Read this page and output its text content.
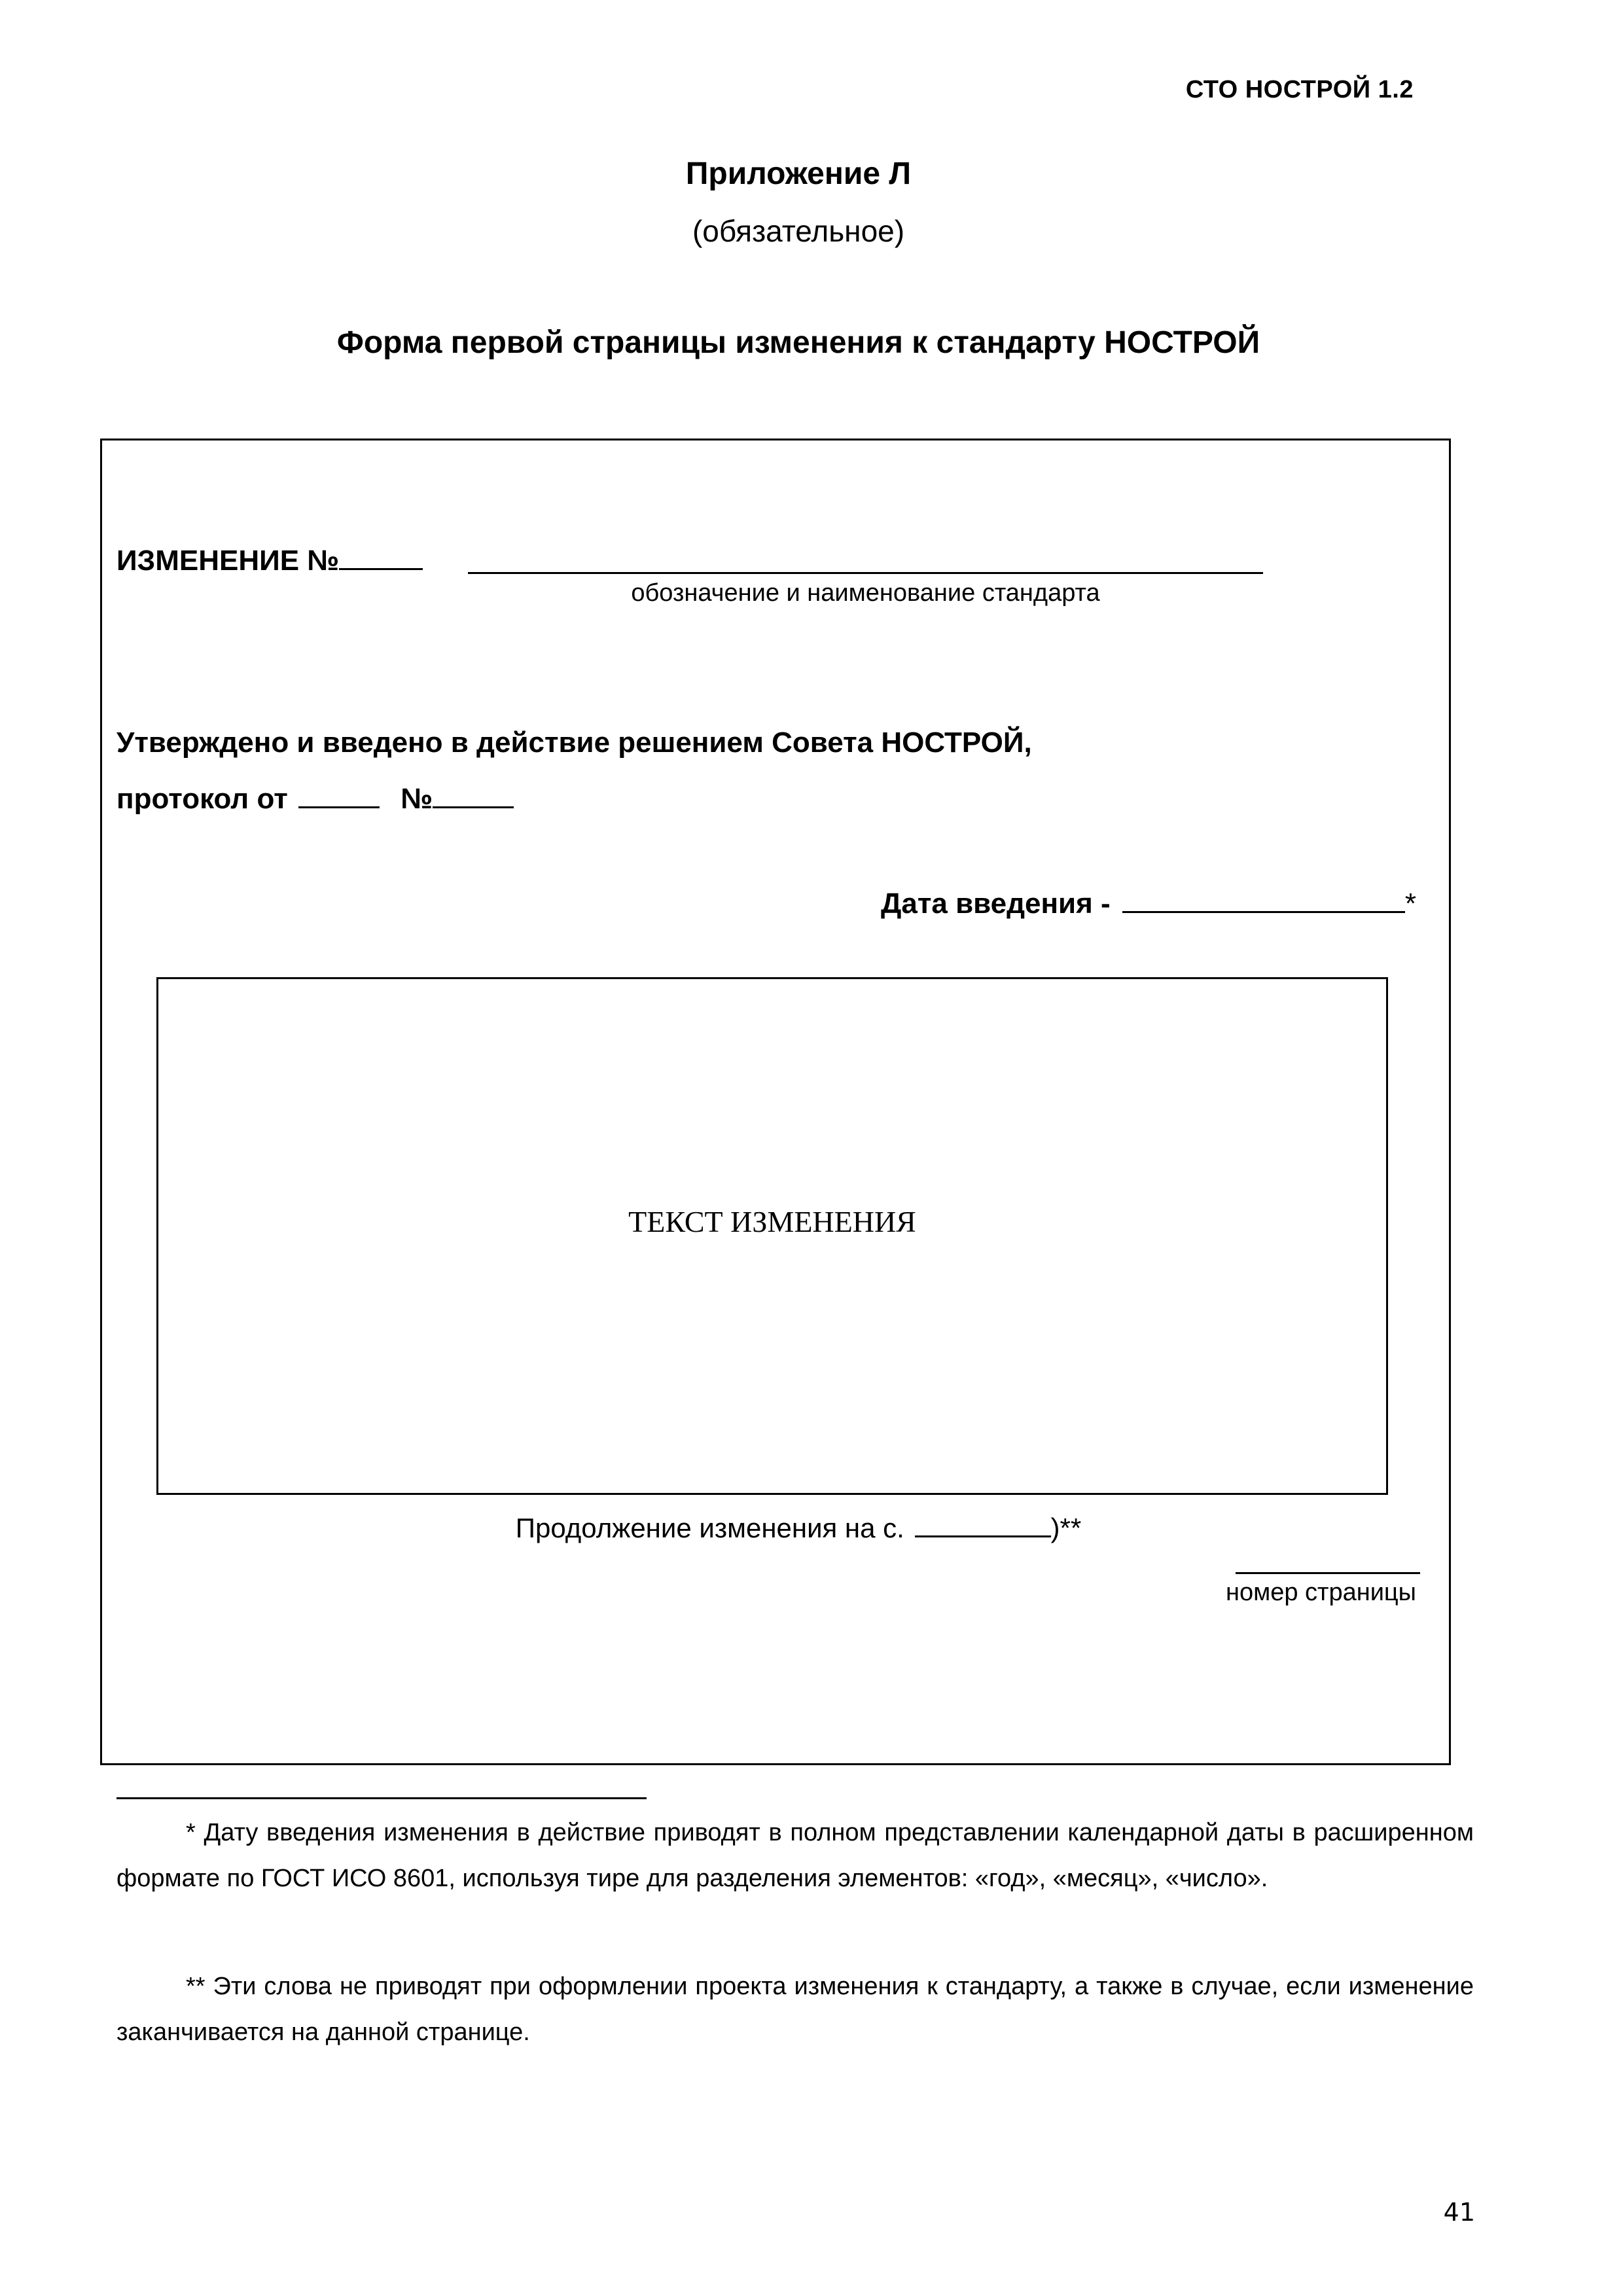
СТО НОСТРОЙ 1.2
Приложение Л
(обязательное)
Форма первой страницы изменения к стандарту НОСТРОЙ
ИЗМЕНЕНИЕ №
обозначение и наименование стандарта
Утверждено и введено в действие решением Совета НОСТРОЙ,
протокол от	№
Дата введения -	*
ТЕКСТ ИЗМЕНЕНИЯ
Продолжение изменения на с.	)**
номер страницы
* Дату введения изменения в действие приводят в полном представлении календарной даты в расширенном формате по ГОСТ ИСО 8601, используя тире для разделения элементов: «год», «месяц», «число».
** Эти слова не приводят при оформлении проекта изменения к стандарту, а также в случае, если изменение заканчивается на данной странице.
41
